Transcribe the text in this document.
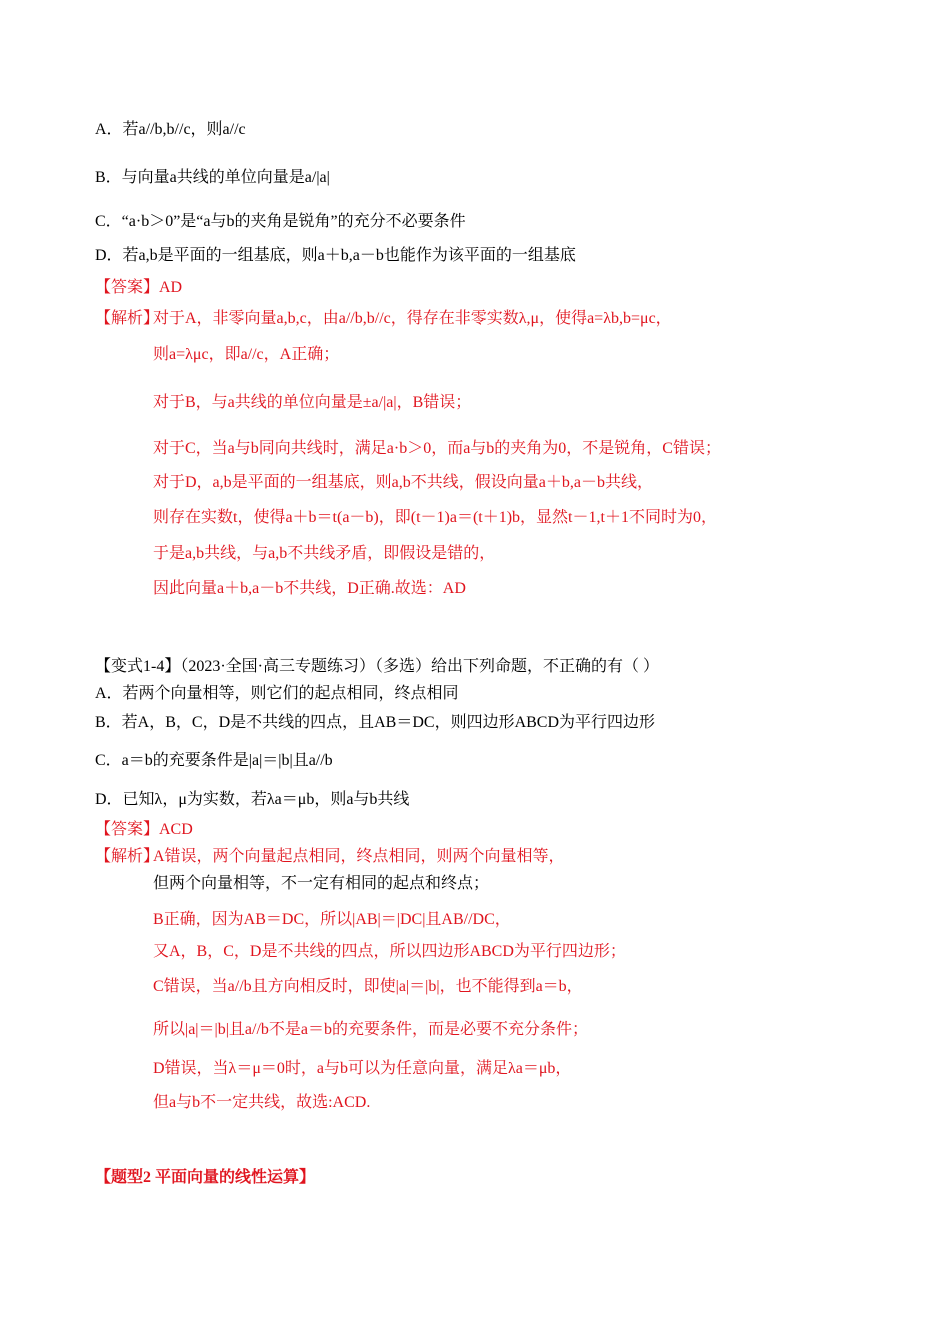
A．若a//b,b//c，则a//c
B．与向量a共线的单位向量是a/|a|
C．“a·b＞0”是“a与b的夹角是锐角”的充分不必要条件
D．若a,b是平面的一组基底，则a＋b,a－b也能作为该平面的一组基底
【答案】AD
【解析】
对于A，非零向量a,b,c，由a//b,b//c，得存在非零实数λ,μ，使得a=λb,b=μc，
则a=λμc，即a//c，A正确；
对于B，与a共线的单位向量是±a/|a|，B错误；
对于C，当a与b同向共线时，满足a·b＞0，而a与b的夹角为0，不是锐角，C错误；
对于D，a,b是平面的一组基底，则a,b不共线，假设向量a＋b,a－b共线，
则存在实数t，使得a＋b＝t(a－b)，即(t－1)a＝(t＋1)b，显然t－1,t＋1不同时为0，
于是a,b共线，与a,b不共线矛盾，即假设是错的，
因此向量a＋b,a－b不共线，D正确.故选：AD
【变式1-4】（2023·全国·高三专题练习）（多选）给出下列命题，不正确的有（ ）
A．若两个向量相等，则它们的起点相同，终点相同
B．若A，B，C，D是不共线的四点，且AB＝DC，则四边形ABCD为平行四边形
C．a＝b的充要条件是|a|＝|b|且a//b
D．已知λ，μ为实数，若λa＝μb，则a与b共线
【答案】ACD
【解析】
A错误，两个向量起点相同，终点相同，则两个向量相等，
但两个向量相等，不一定有相同的起点和终点；
B正确，因为AB＝DC，所以|AB|＝|DC|且AB//DC，
又A，B，C，D是不共线的四点，所以四边形ABCD为平行四边形；
C错误，当a//b且方向相反时，即使|a|＝|b|，也不能得到a＝b，
所以|a|＝|b|且a//b不是a＝b的充要条件，而是必要不充分条件；
D错误，当λ＝μ＝0时，a与b可以为任意向量，满足λa＝μb，
但a与b不一定共线，故选:ACD.
【题型2 平面向量的线性运算】
